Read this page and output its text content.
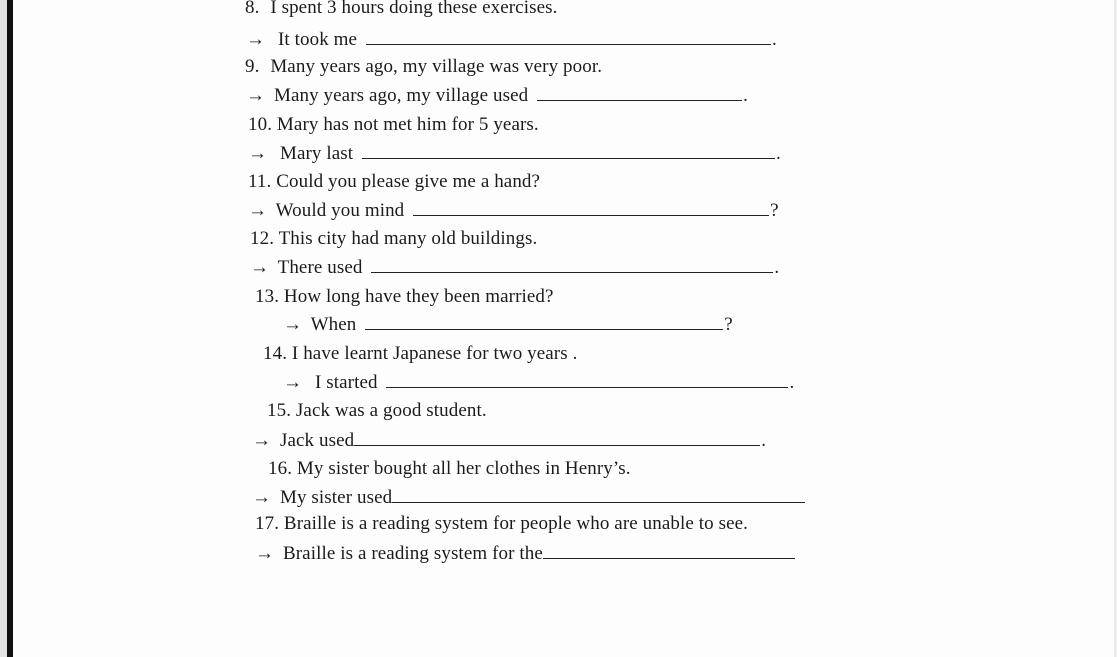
8. I spent 3 hours doing these exercises.
→ It took me	.
9. Many years ago, my village was very poor.
→ Many years ago, my village used	.
10. Mary has not met him for 5 years.
→ Mary last	.
11. Could you please give me a hand?
→ Would you mind	?
12. This city had many old buildings.
→ There used	.
13. How long have they been married?
→ When	?
14. I have learnt Japanese for two years .
→ I started	.
15. Jack was a good student.
→ Jack used	.
16. My sister bought all her clothes in Henry’s.
→ My sister used
17. Braille is a reading system for people who are unable to see.
→ Braille is a reading system for the
